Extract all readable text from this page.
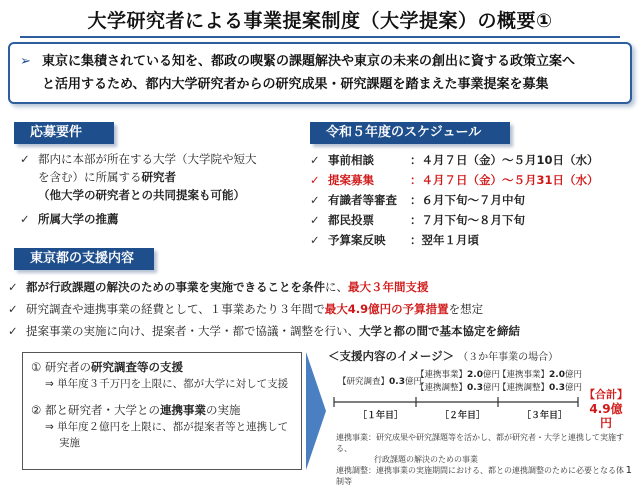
大学研究者による事業提案制度（大学提案）の概要①
➢ 東京に集積されている知を、都政の喫緊の課題解決や東京の未来の創出に資する政策立案へ
と活用するため、都内大学研究者からの研究成果・研究課題を踏まえた事業提案を募集
応募要件
✓ 都内に本部が所在する大学（大学院や短大
を含む）に所属する研究者
（他大学の研究者との共同提案も可能）
✓ 所属大学の推薦
令和５年度のスケジュール
✓ 事前相談	：４月７日（金）～５月10日（水）
✓ 提案募集	：４月７日（金）～５月31日（水）
✓ 有識者等審査	：６月下旬～７月中旬
✓ 都民投票	：７月下旬～８月下旬
✓ 予算案反映	：翌年１月頃
東京都の支援内容
✓ 都が行政課題の解決のための事業を実施できることを条件に、最大３年間支援
✓ 研究調査や連携事業の経費として、１事業あたり３年間で最大4.9億円の予算措置を想定
✓ 提案事業の実施に向け、提案者・大学・都で協議・調整を行い、大学と都の間で基本協定を締結
① 研究者の研究調査等の支援
⇒ 単年度３千万円を上限に、都が大学に対して支援
② 都と研究者・大学との連携事業の実施
⇒ 単年度２億円を上限に、都が提案者等と連携して
実施
＜支援内容のイメージ＞ （３か年事業の場合）
【研究調査】0.3億円
【連携事業】2.0億円
【連携調整】0.3億円
【連携事業】2.0億円
【連携調整】0.3億円
［１年目］	［２年目］	［３年目］
【合計】
4.9億円
連携事業：研究成果や研究課題等を活かし、都が研究者・大学と連携して実施する、
行政課題の解決のための事業
連携調整：連携事業の実施期間における、都との連携調整のために必要となる体制等
1
